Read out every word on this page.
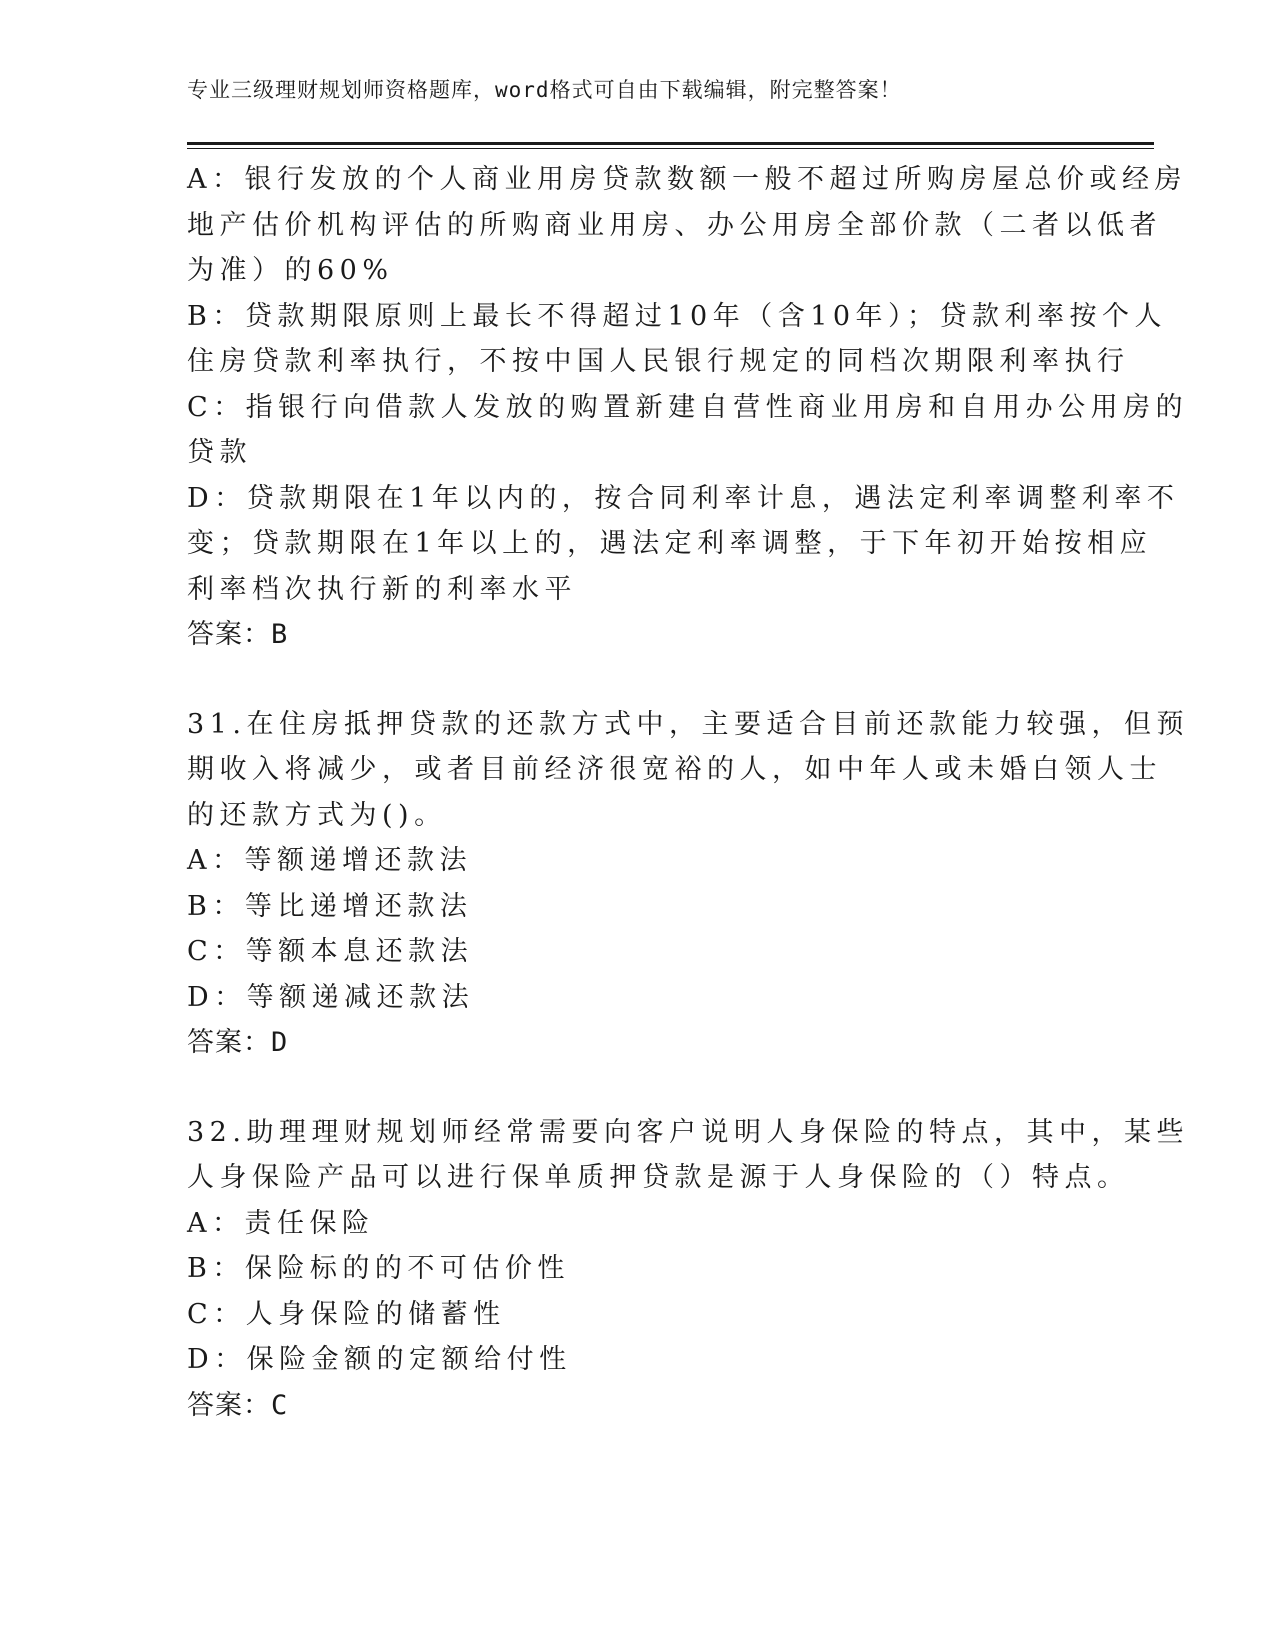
专业三级理财规划师资格题库，word格式可自由下载编辑，附完整答案！
A：银行发放的个人商业用房贷款数额一般不超过所购房屋总价或经房
地产估价机构评估的所购商业用房、办公用房全部价款（二者以低者
为准）的60%
B：贷款期限原则上最长不得超过10年（含10年）；贷款利率按个人
住房贷款利率执行，不按中国人民银行规定的同档次期限利率执行
C：指银行向借款人发放的购置新建自营性商业用房和自用办公用房的
贷款
D：贷款期限在1年以内的，按合同利率计息，遇法定利率调整利率不
变；贷款期限在1年以上的，遇法定利率调整，于下年初开始按相应
利率档次执行新的利率水平
答案：B
31.在住房抵押贷款的还款方式中，主要适合目前还款能力较强，但预
期收入将减少，或者目前经济很宽裕的人，如中年人或未婚白领人士
的还款方式为()。
A：等额递增还款法
B：等比递增还款法
C：等额本息还款法
D：等额递减还款法
答案：D
32.助理理财规划师经常需要向客户说明人身保险的特点，其中，某些
人身保险产品可以进行保单质押贷款是源于人身保险的（）特点。
A：责任保险
B：保险标的的不可估价性
C：人身保险的储蓄性
D：保险金额的定额给付性
答案：C
